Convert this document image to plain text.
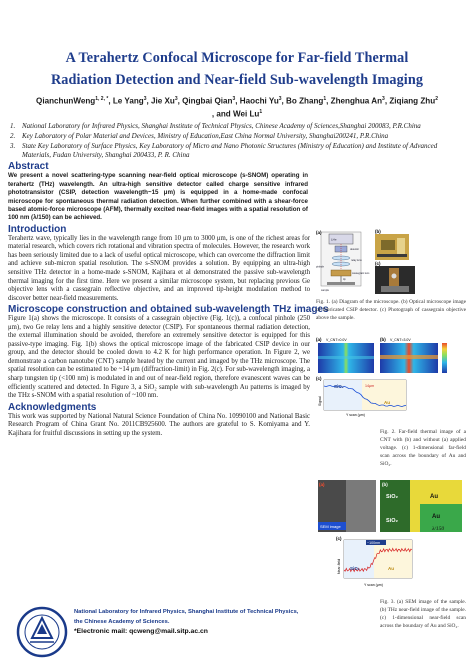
A Terahertz Confocal Microscope for Far-field Thermal
Radiation Detection and Near-field Sub-wavelength Imaging
QianchunWeng$^{1, 2, *}$, Le Yang$^3$, Jie Xu$^3$, Qingbai Qian$^3$, Haochi Yu$^3$, Bo Zhang$^1$, Zhenghua An$^3$, Ziqiang Zhu$^2$
, and Wei Lu$^1$
1. National Laboratory for Infrared Physics, Shanghai Institute of Technical Physics, Chinese Academy of Sciences,Shanghai 200083, P.R.China
2. Key Laboratory of Polar Material and Devices, Ministry of Education,East China Normal University, Shanghai200241, P.R.China
3. State Key Laboratory of Surface Physics, Key Laboratory of Micro and Nano Photonic Structures (Ministry of Education) and Institute of Advanced Materials, Fudan University, Shanghai 200433, P. R. China
Abstract
We present a novel scattering-type scanning near-field optical microscope (s-SNOM) operating in terahertz (THz) wavelength. An ultra-high sensitive detector called charge sensitive infrared phototransistor (CSIP, detection wavelength~15 μm) is equipped in a home-made confocal microscope for spontaneous thermal radiation detection. When further combined with a shear-force based atomic-force microscope (AFM), thermally excited near-field images with a spatial resolution of 100 nm (λ/150) can be achieved.
Introduction
Terahertz wave, typically lies in the wavelength range from 10 μm to 3000 μm, is one of the richest areas for material research, which covers rich rotational and vibration spectra of molecules. However, the research work has been seriously limited due to a lack of useful optical microscope, which can overcome the diffraction limit and achieve sub-micron spatial resolution. The s-SNOM provides a solution. By equipping an ultra-high sensitive THz detector in a home-made s-SNOM, Kajihara et al demonstrated the passive sub-wavelength thermal imaging for the first time. Here we present a similar microscope system, but replacing previous Ge objective lens with a cassegrain reflective objective, and an improved tip-height modulation method to discover better near-field measurements.
Microscope construction and obtained sub-wavelength THz images
Figure 1(a) shows the microscope. It consists of a cassegrain objective (Fig. 1(c)), a confocal pinhole (250 μm), two Ge relay lens and a highly sensitive detector (CSIP). For spontaneous thermal radiation detection, the external illumination should be avoided, therefore an extremely sensitive detector is equipped for this passive-type imaging. Fig. 1(b) shows the optical microscope image of the fabricated CSIP device in our group, and the detector should be cooled down to 4.2 K for high performance operation. In Figure 2, we demonstrate a carbon nanotube (CNT) sample heated by the current and imaged by the THz microscope. The spatial resolution can be estimated to be ~14 μm (diffraction-limit) in Fig. 2(c). For sub-wavelength imaging, a sharp tungsten tip (<100 nm) is modulated in and out of near-field region, therefore evanescent waves can be efficiently scattered and detected. In Figure 3, a SiO₂ sample with sub-wavelength Au patterns is imaged by the THz s-SNOM with a spatial resolution of ~100 nm.
Acknowledgments
This work was supported by National Natural Science Foundation of China No. 10990100 and National Basic Research Program of China Grant No. 2011CB925600. The authors are grateful to S. Komiyama and Y. Kajihara for fruitful discussions in setting up the system.
LHe
detector
relay lens
pinhole
cassegrain lens
tip
sample
(a)	(b)
(c)
Fig. 1. (a) Diagram of the microscope. (b) Optical microscope image of fabricated CSIP detector. (c) Photograph of cassegrain objective above the sample.
(a) V_CNT=0.0V	(b) V_CNT=3.0V
(c)
SiO₂
Au
14μm
Y scan (μm)
Signal
Fig. 2. Far-field thermal image of a CNT with (b) and without (a) applied voltage. (c) 1-dimensional far-field scan across the boundary of Au and SiO₂.
SEM image
(a)	(b)
SiO₂	Au
SiO₂
Au
λ/150
(c)
~100nm
SiO₂	Au
Y scan (μm)
Near-field
Fig. 3. (a) SEM image of the sample. (b) THz near-field image of the sample. (c) 1-dimensional near-field scan across the boundary of Au and SiO₂.
National Laboratory for Infrared Physics, Shanghai Institute of Technical Physics,
the Chinese Academy of Sciences.
*Electronic mail: qcweng@mail.sitp.ac.cn
